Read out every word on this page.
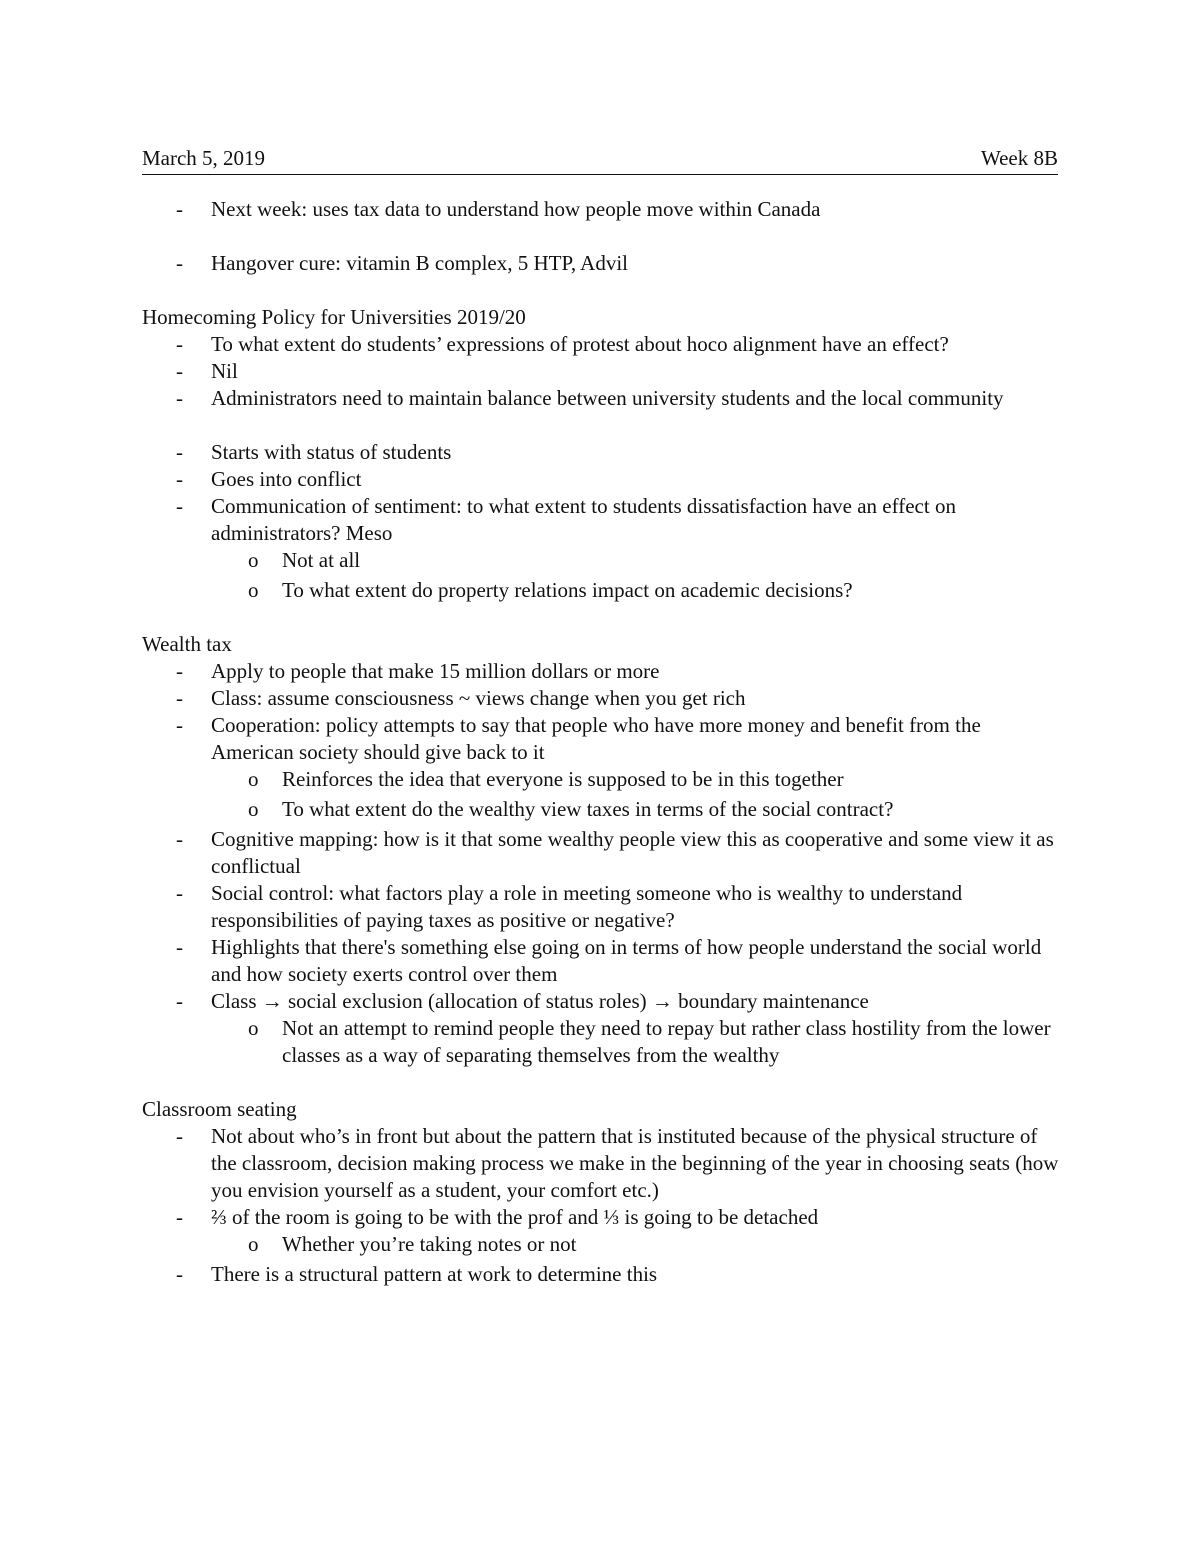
March 5, 2019	Week 8B

- Next week: uses tax data to understand how people move within Canada

- Hangover cure: vitamin B complex, 5 HTP, Advil

Homecoming Policy for Universities 2019/20

- To what extent do students’ expressions of protest about hoco alignment have an effect?

- Nil

- Administrators need to maintain balance between university students and the local community

- Starts with status of students

- Goes into conflict

- Communication of sentiment: to what extent to students dissatisfaction have an effect on administrators? Meso

o Not at all

o To what extent do property relations impact on academic decisions?

Wealth tax

- Apply to people that make 15 million dollars or more

- Class: assume consciousness ~ views change when you get rich

- Cooperation: policy attempts to say that people who have more money and benefit from the American society should give back to it

o Reinforces the idea that everyone is supposed to be in this together

o To what extent do the wealthy view taxes in terms of the social contract?

- Cognitive mapping: how is it that some wealthy people view this as cooperative and some view it as conflictual

- Social control: what factors play a role in meeting someone who is wealthy to understand responsibilities of paying taxes as positive or negative?

- Highlights that there's something else going on in terms of how people understand the social world and how society exerts control over them

- Class → social exclusion (allocation of status roles) → boundary maintenance

o Not an attempt to remind people they need to repay but rather class hostility from the lower classes as a way of separating themselves from the wealthy

Classroom seating

- Not about who’s in front but about the pattern that is instituted because of the physical structure of the classroom, decision making process we make in the beginning of the year in choosing seats (how you envision yourself as a student, your comfort etc.)

- ⅔ of the room is going to be with the prof and ⅓ is going to be detached

o Whether you’re taking notes or not

- There is a structural pattern at work to determine this
